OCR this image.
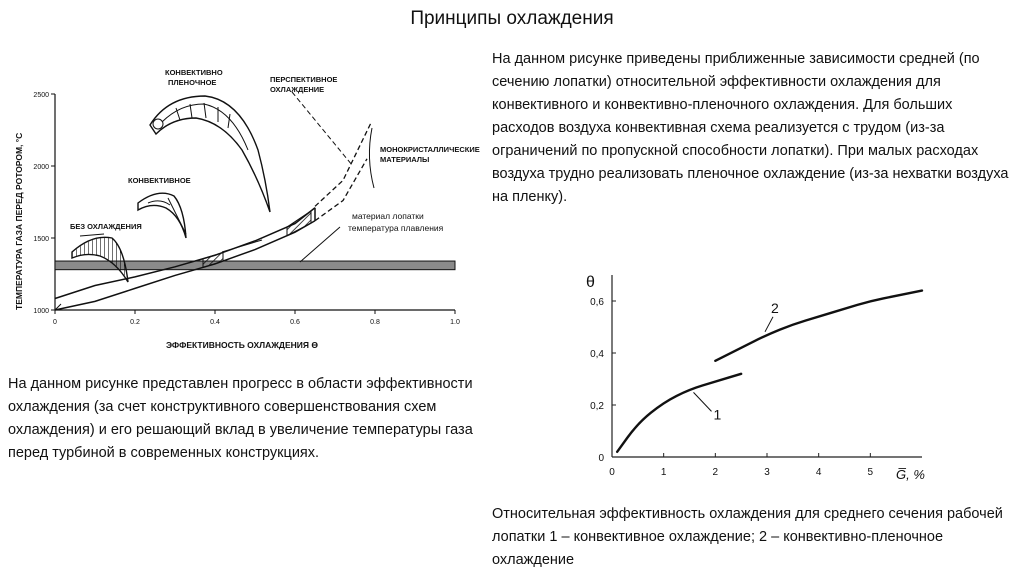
Принципы охлаждения
На данном рисунке приведены приближенные зависимости средней (по сечению лопатки) относительной эффективности охлаждения для конвективного и конвективно-пленочного охлаждения. Для больших расходов воздуха конвективная схема реализуется с трудом (из-за ограничений по пропускной способности лопатки). При малых расходах воздуха трудно реализовать пленочное охлаждение (из-за нехватки воздуха на пленку).
На данном рисунке представлен прогресс в области эффективности охлаждения (за счет конструктивного совершенствования схем охлаждения) и его решающий вклад в увеличение температуры газа перед турбиной в современных конструкциях.
Относительная эффективность охлаждения для среднего сечения рабочей лопатки 1 – конвективное охлаждение; 2 – конвективно-пленочное охлаждение
0	0.2	0.4	0.6	0.8	1.0
1000
1500
2000
2500
БЕЗ ОХЛАЖДЕНИЯ
КОНВЕКТИВНОЕ
КОНВЕКТИВНО
ПЛЕНОЧНОЕ	ПЕРСПЕКТИВНОЕ
ОХЛАЖДЕНИЕ
МОНОКРИСТАЛЛИЧЕСКИЕ
МАТЕРИАЛЫ
материал лопатки
температура плавления
ЭФФЕКТИВНОСТЬ ОХЛАЖДЕНИЯ ϴ
ТЕМПЕРАТУРА ГАЗА ПЕРЕД РОТОРОМ, °C
0	1	2	3	4	5
0
0,2
0,4
0,6
1
2
θ
G̅, %
